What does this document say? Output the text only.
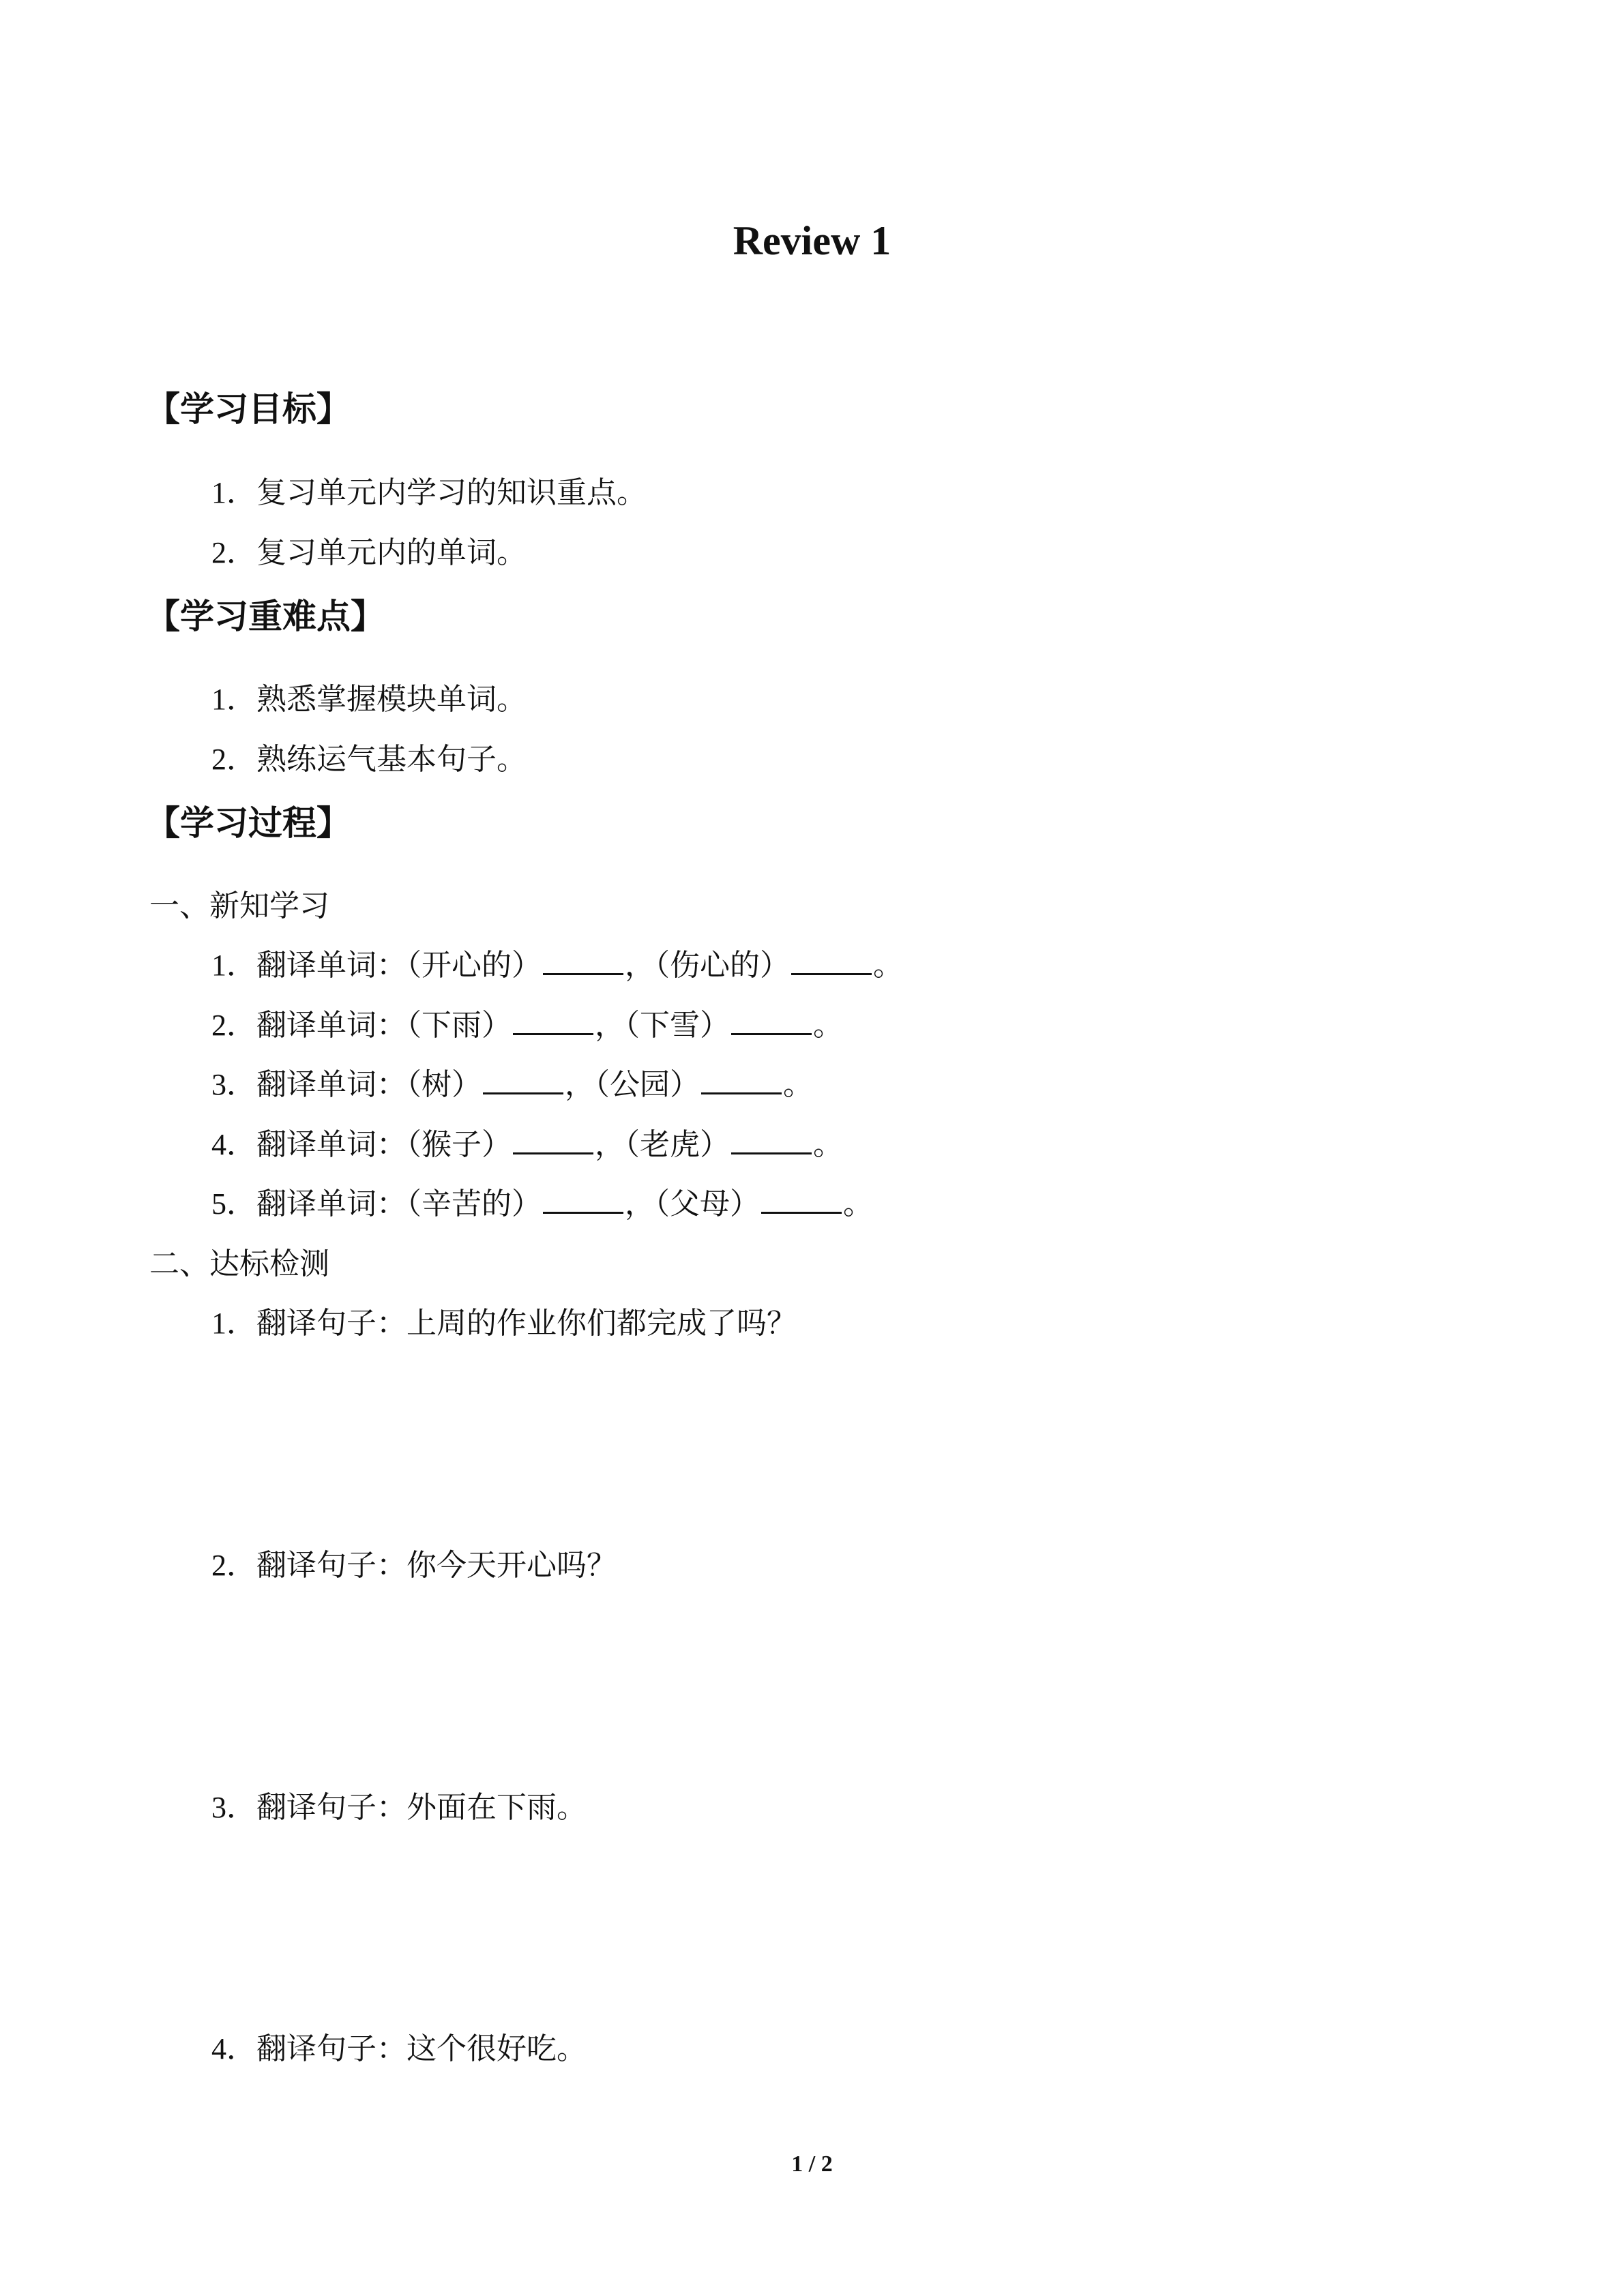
Review 1
【学习目标】

1．复习单元内学习的知识重点。

2．复习单元内的单词。

【学习重难点】

1．熟悉掌握模块单词。

2．熟练运气基本句子。

【学习过程】

一、新知学习

1．翻译单词：（开心的）	，（伤心的）	。

2．翻译单词：（下雨）	，（下雪）	。

3．翻译单词：（树）	，（公园）	。

4．翻译单词：（猴子）	，（老虎）	。

5．翻译单词：（辛苦的）	，（父母）	。

二、达标检测

1．翻译句子：上周的作业你们都完成了吗？

2．翻译句子：你今天开心吗？

3．翻译句子：外面在下雨。

4．翻译句子：这个很好吃。

1 / 2
